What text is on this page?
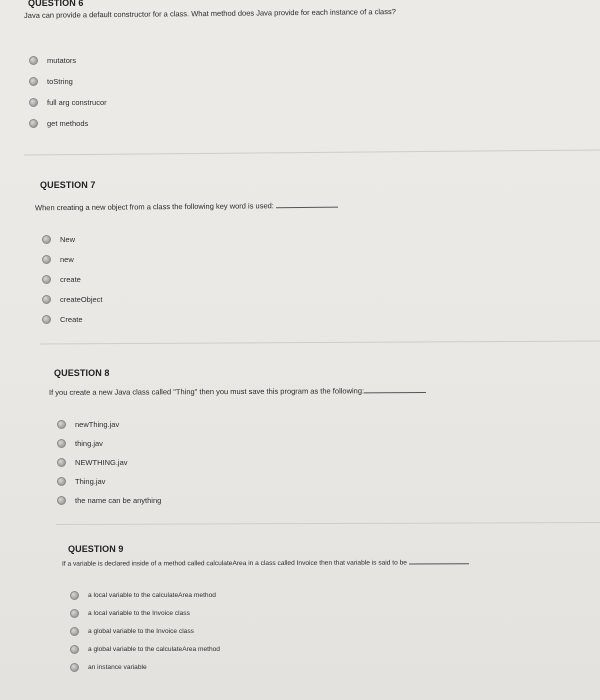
QUESTION 6
Java can provide a default constructor for a class. What method does Java provide for each instance of a class?
mutators
toString
full arg construcor
get methods
QUESTION 7
When creating a new object from a class the following key word is used:
New
new
create
createObject
Create
QUESTION 8
If you create a new Java class called "Thing" then you must save this program as the following:
newThing.jav
thing.jav
NEWTHING.jav
Thing.jav
the name can be anything
QUESTION 9
If a variable is declared inside of a method called calculateArea in a class called Invoice then that variable is said to be
a local variable to the calculateArea method
a local variable to the Invoice class
a global variable to the Invoice class
a global variable to the calculateArea method
an instance variable
